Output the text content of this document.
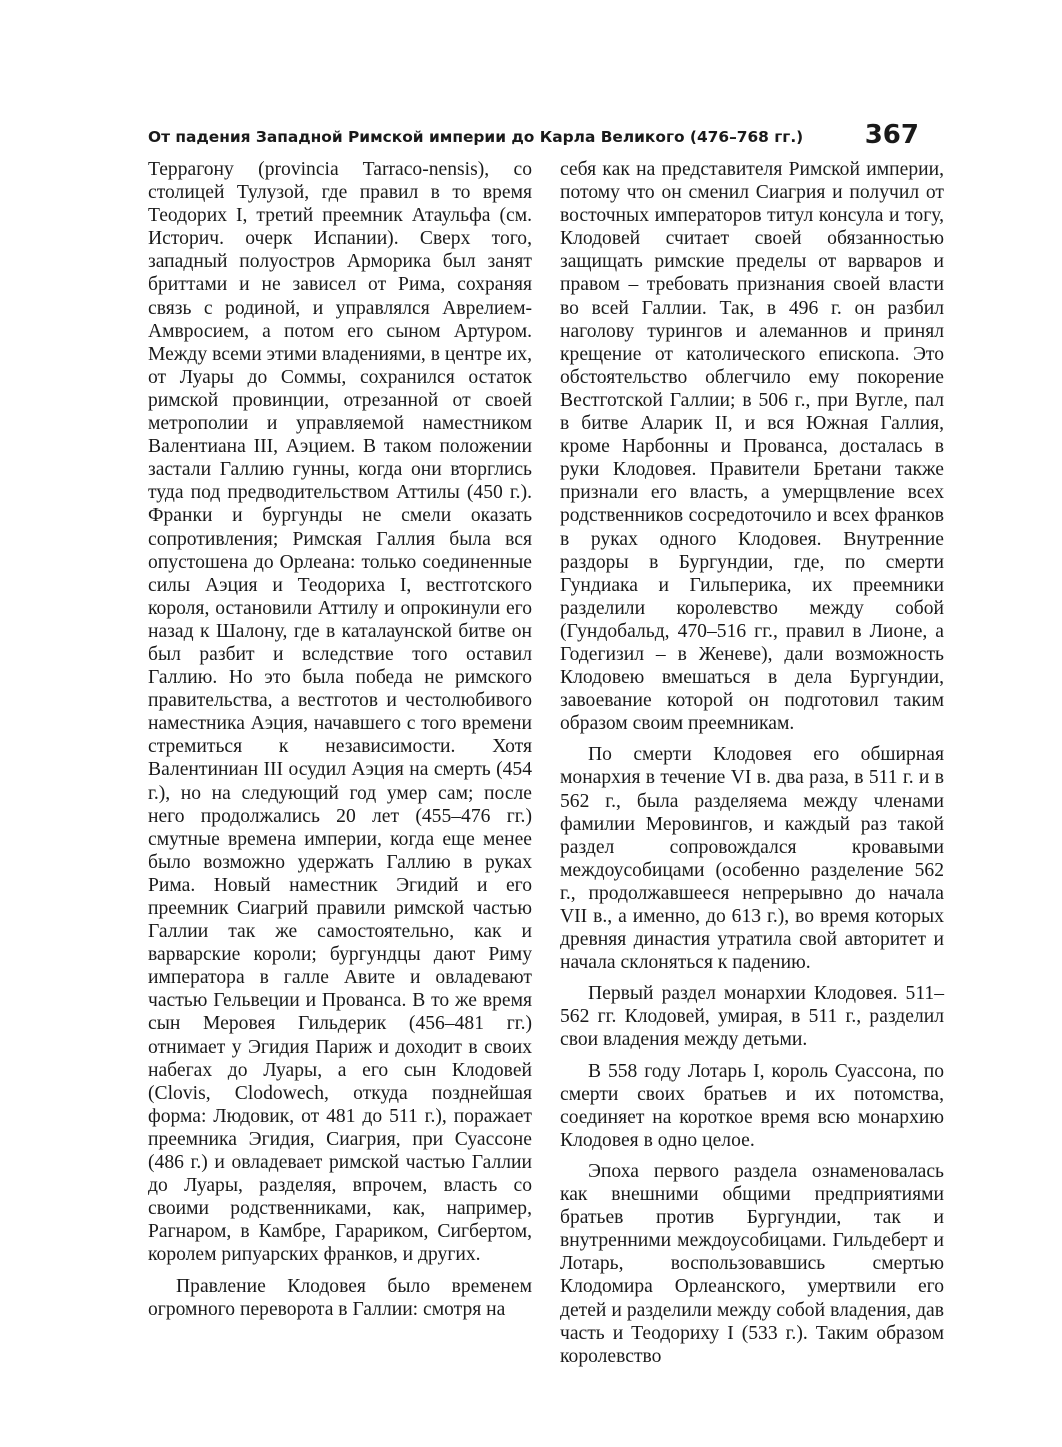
От падения Западной Римской империи до Карла Великого (476–768 гг.) 367

Террагону (provincia Tarraco-nensis), со столицей Тулузой, где правил в то время Теодорих I, третий преемник Атаульфа (см. Историч. очерк Испании). Сверх того, западный полуостров Арморика был занят бриттами и не зависел от Рима, сохраняя связь с родиной, и управлялся Аврелием-Амвросием, а потом его сыном Артуром. Между всеми этими владениями, в центре их, от Луары до Соммы, сохранился остаток римской провинции, отрезанной от своей метрополии и управляемой наместником Валентиана III, Аэцием. В таком положении застали Галлию гунны, когда они вторглись туда под предводительством Аттилы (450 г.). Франки и бургунды не смели оказать сопротивления; Римская Галлия была вся опустошена до Орлеана: только соединенные силы Аэция и Теодориха I, вестготского короля, остановили Аттилу и опрокинули его назад к Шалону, где в каталаунской битве он был разбит и вследствие того оставил Галлию. Но это была победа не римского правительства, а вестготов и честолюбивого наместника Аэция, начавшего с того времени стремиться к независимости. Хотя Валентиниан III осудил Аэция на смерть (454 г.), но на следующий год умер сам; после него продолжались 20 лет (455–476 гг.) смутные времена империи, когда еще менее было возможно удержать Галлию в руках Рима. Новый наместник Эгидий и его преемник Сиагрий правили римской частью Галлии так же самостоятельно, как и варварские короли; бургундцы дают Риму императора в галле Авите и овладевают частью Гельвеции и Прованса. В то же время сын Меровея Гильдерик (456–481 гг.) отнимает у Эгидия Париж и доходит в своих набегах до Луары, а его сын Клодовей (Clovis, Clodowech, откуда позднейшая форма: Людовик, от 481 до 511 г.), поражает преемника Эгидия, Сиагрия, при Суассоне (486 г.) и овладевает римской частью Галлии до Луары, разделяя, впрочем, власть со своими родственниками, как, например, Рагнаром, в Камбре, Гарариком, Сигбертом, королем рипуарских франков, и других.

Правление Клодовея было временем огромного переворота в Галлии: смотря на

себя как на представителя Римской империи, потому что он сменил Сиагрия и получил от восточных императоров титул консула и тогу, Клодовей считает своей обязанностью защищать римские пределы от варваров и правом – требовать признания своей власти во всей Галлии. Так, в 496 г. он разбил наголову турингов и алеманнов и принял крещение от католического епископа. Это обстоятельство облегчило ему покорение Вестготской Галлии; в 506 г., при Вугле, пал в битве Аларик II, и вся Южная Галлия, кроме Нарбонны и Прованса, досталась в руки Клодовея. Правители Бретани также признали его власть, а умерщвление всех родственников сосредоточило и всех франков в руках одного Клодовея. Внутренние раздоры в Бургундии, где, по смерти Гундиака и Гильперика, их преемники разделили королевство между собой (Гундобальд, 470–516 гг., правил в Лионе, а Годегизил – в Женеве), дали возможность Клодовею вмешаться в дела Бургундии, завоевание которой он подготовил таким образом своим преемникам.

По смерти Клодовея его обширная монархия в течение VI в. два раза, в 511 г. и в 562 г., была разделяема между членами фамилии Меровингов, и каждый раз такой раздел сопровождался кровавыми междоусобицами (особенно разделение 562 г., продолжавшееся непрерывно до начала VII в., а именно, до 613 г.), во время которых древняя династия утратила свой авторитет и начала склоняться к падению.

Первый раздел монархии Клодовея. 511–562 гг. Клодовей, умирая, в 511 г., разделил свои владения между детьми.

В 558 году Лотарь I, король Суассона, по смерти своих братьев и их потомства, соединяет на короткое время всю монархию Клодовея в одно целое.

Эпоха первого раздела ознаменовалась как внешними общими предприятиями братьев против Бургундии, так и внутренними междоусобицами. Гильдеберт и Лотарь, воспользовавшись смертью Клодомира Орлеанского, умертвили его детей и разделили между собой владения, дав часть и Теодориху I (533 г.). Таким образом королевство
